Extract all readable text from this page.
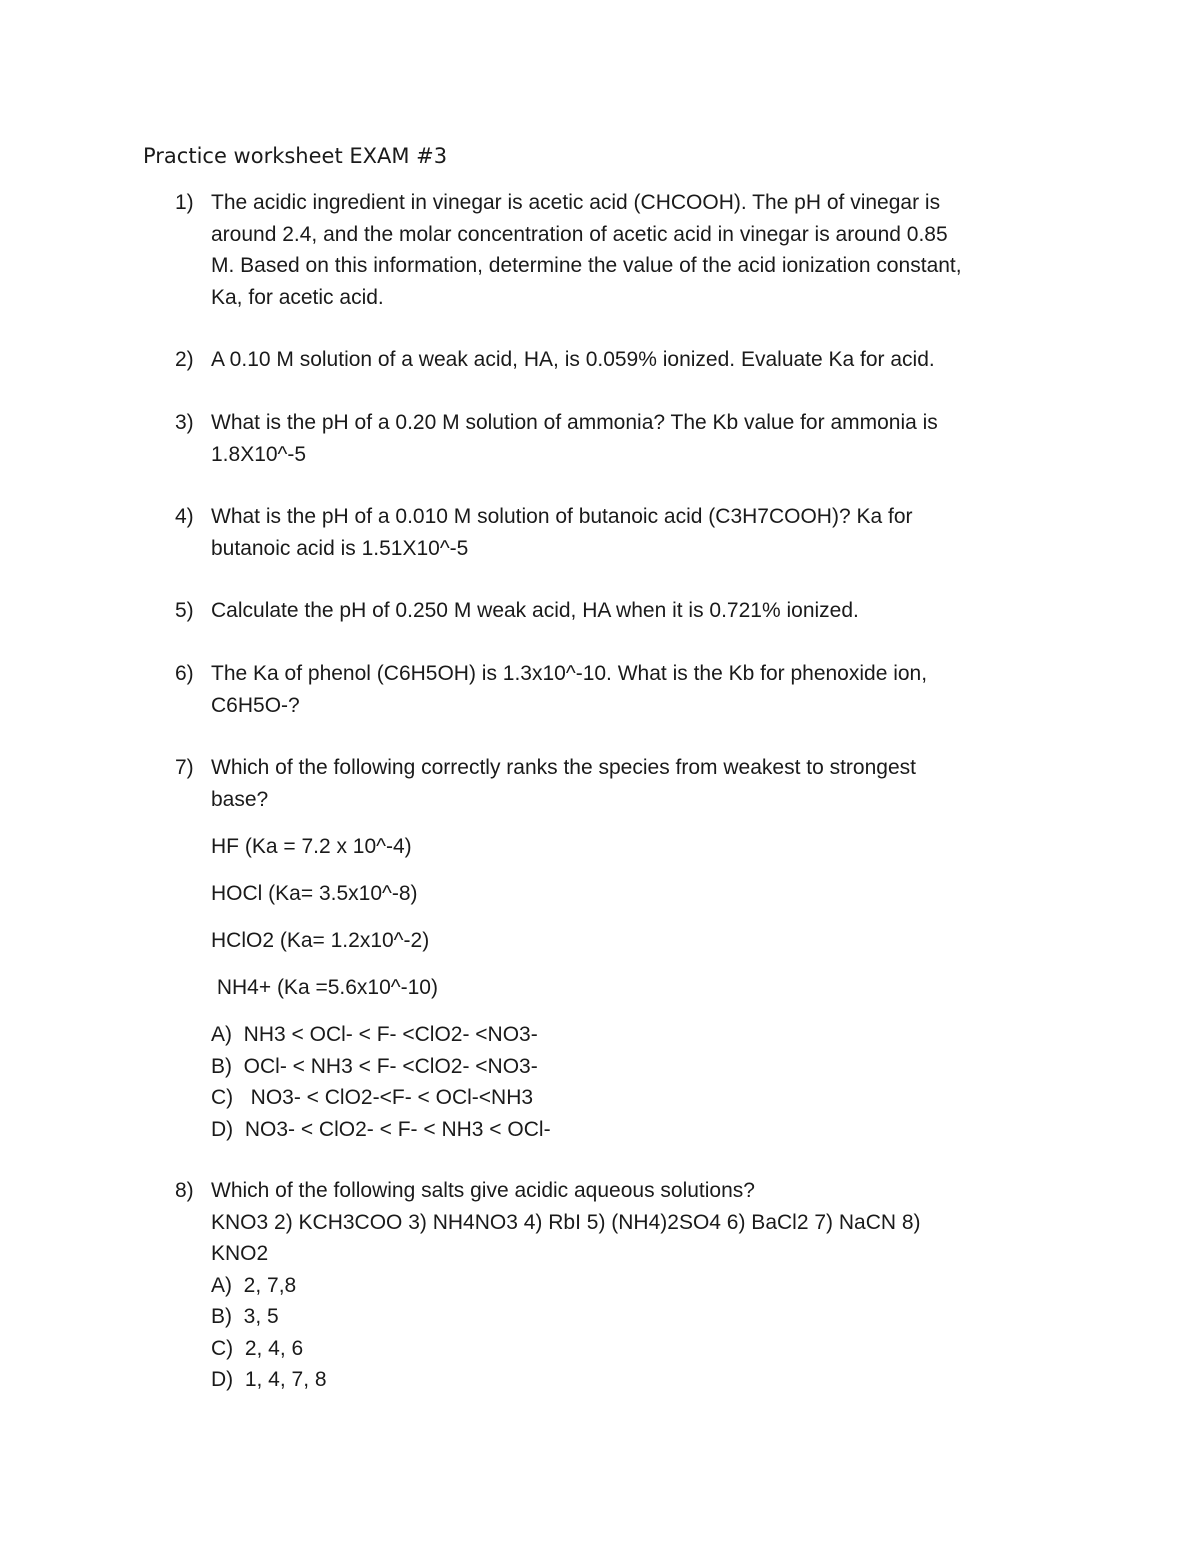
Practice worksheet EXAM #3
1) The acidic ingredient in vinegar is acetic acid (CHCOOH). The pH of vinegar is
around 2.4, and the molar concentration of acetic acid in vinegar is around 0.85
M. Based on this information, determine the value of the acid ionization constant,
Ka, for acetic acid.
2) A 0.10 M solution of a weak acid, HA, is 0.059% ionized. Evaluate Ka for acid.
3) What is the pH of a 0.20 M solution of ammonia? The Kb value for ammonia is
1.8X10^-5
4) What is the pH of a 0.010 M solution of butanoic acid (C3H7COOH)? Ka for
butanoic acid is 1.51X10^-5
5) Calculate the pH of 0.250 M weak acid, HA when it is 0.721% ionized.
6) The Ka of phenol (C6H5OH) is 1.3x10^-10. What is the Kb for phenoxide ion,
C6H5O-?
7) Which of the following correctly ranks the species from weakest to strongest
base?
HF (Ka = 7.2 x 10^-4)
HOCl (Ka= 3.5x10^-8)
HClO2 (Ka= 1.2x10^-2)
NH4+ (Ka =5.6x10^-10)
A)  NH3 < OCl- < F- <ClO2- <NO3-
B)  OCl- < NH3 < F- <ClO2- <NO3-
C)   NO3- < ClO2-<F- < OCl-<NH3
D)  NO3- < ClO2- < F- < NH3 < OCl-
8) Which of the following salts give acidic aqueous solutions?
KNO3 2) KCH3COO 3) NH4NO3 4) RbI 5) (NH4)2SO4 6) BaCl2 7) NaCN 8)
KNO2
A)  2, 7,8
B)  3, 5
C)  2, 4, 6
D)  1, 4, 7, 8
